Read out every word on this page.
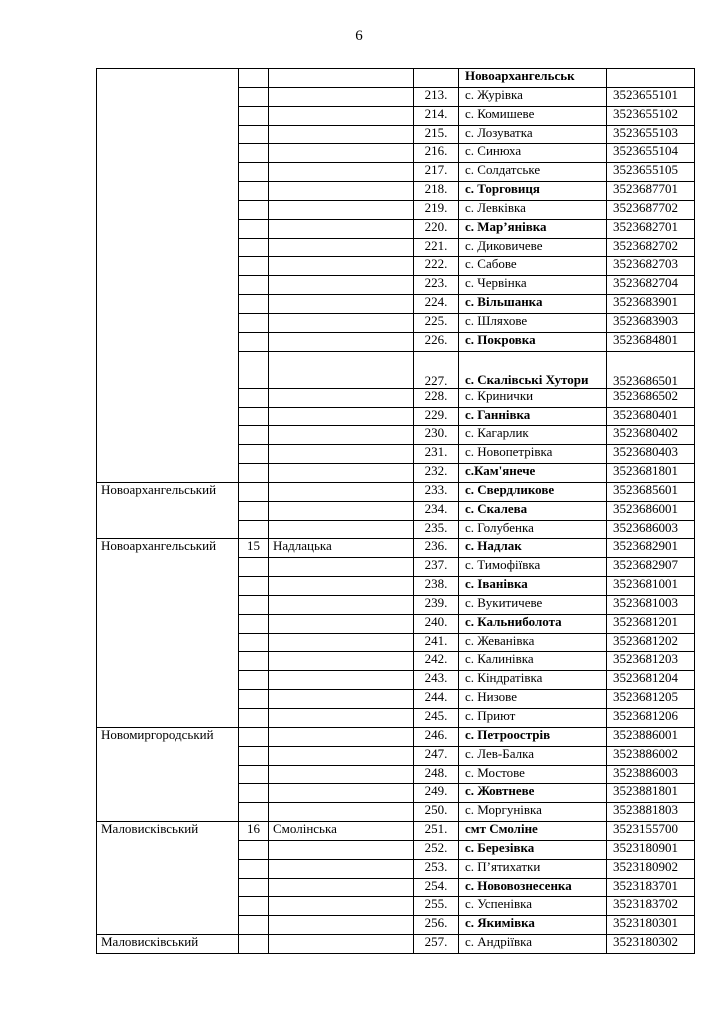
6
				Новоархангельськ	
			213.	с. Журівка	3523655101
			214.	с. Комишеве	3523655102
			215.	с. Лозуватка	3523655103
			216.	с. Синюха	3523655104
			217.	с. Солдатське	3523655105
			218.	с. Торговиця	3523687701
			219.	с. Левківка	3523687702
			220.	с. Мар’янівка	3523682701
			221.	с. Диковичеве	3523682702
			222.	с. Сабове	3523682703
			223.	с. Червінка	3523682704
			224.	с. Вільшанка	3523683901
			225.	с. Шляхове	3523683903
			226.	с. Покровка	3523684801
			227.	с. Скалівські Хутори	3523686501
			228.	с. Кринички	3523686502
			229.	с. Ганнівка	3523680401
			230.	с. Кагарлик	3523680402
			231.	с. Новопетрівка	3523680403
			232.	с.Кам'янече	3523681801
Новоархангельський			233.	с. Свердликове	3523685601
			234.	с. Скалева	3523686001
			235.	с. Голубенка	3523686003
Новоархангельський	15	Надлацька	236.	с. Надлак	3523682901
			237.	с. Тимофіївка	3523682907
			238.	с. Іванівка	3523681001
			239.	с. Вукитичеве	3523681003
			240.	с. Кальниболота	3523681201
			241.	с. Жеванівка	3523681202
			242.	с. Калинівка	3523681203
			243.	с. Кіндратівка	3523681204
			244.	с. Низове	3523681205
			245.	с. Приют	3523681206
Новомиргородський			246.	с. Петроострів	3523886001
			247.	с. Лев-Балка	3523886002
			248.	с. Мостове	3523886003
			249.	с. Жовтневе	3523881801
			250.	с. Моргунівка	3523881803
Маловисківський	16	Смолінська	251.	смт Смоліне	3523155700
			252.	с. Березівка	3523180901
			253.	с. П’ятихатки	3523180902
			254.	с. Нововознесенка	3523183701
			255.	с. Успенівка	3523183702
			256.	с. Якимівка	3523180301
Маловисківський			257.	с. Андріївка	3523180302
